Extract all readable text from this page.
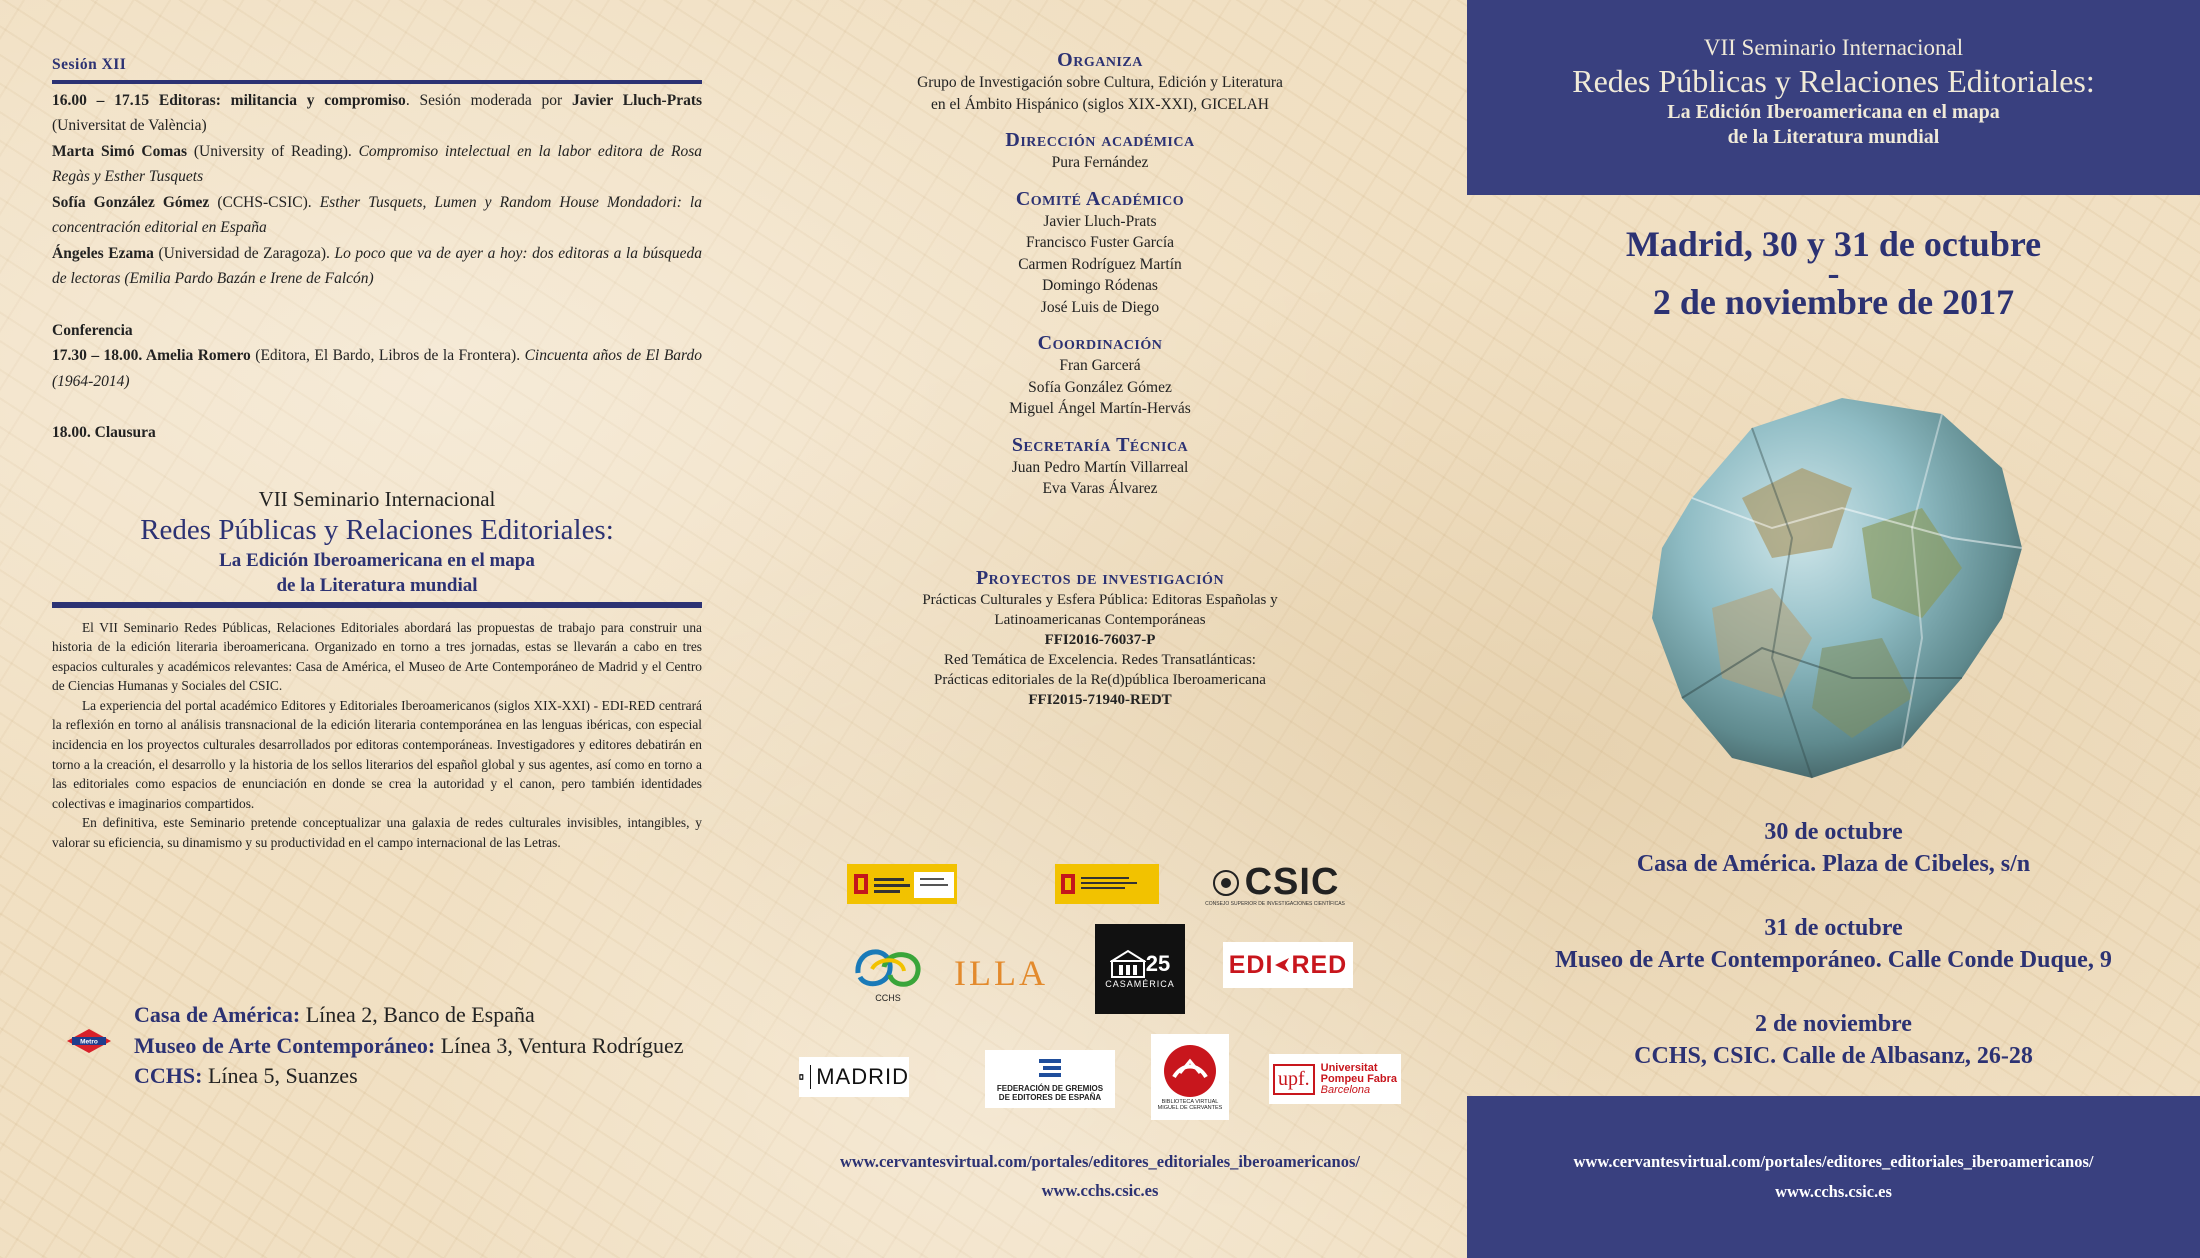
Sesión XII

16.00 – 17.15 Editoras: militancia y compromiso. Sesión moderada por Javier Lluch-Prats (Universitat de València)

Marta Simó Comas (University of Reading). Compromiso intelectual en la labor editora de Rosa Regàs y Esther Tusquets

Sofía González Gómez (CCHS-CSIC). Esther Tusquets, Lumen y Random House Mondadori: la concentración editorial en España

Ángeles Ezama (Universidad de Zaragoza). Lo poco que va de ayer a hoy: dos editoras a la búsqueda de lectoras (Emilia Pardo Bazán e Irene de Falcón)

Conferencia

17.30 – 18.00. Amelia Romero (Editora, El Bardo, Libros de la Frontera). Cincuenta años de El Bardo (1964-2014)

18.00. Clausura

VII Seminario Internacional
Redes Públicas y Relaciones Editoriales:
La Edición Iberoamericana en el mapa
de la Literatura mundial

El VII Seminario Redes Públicas, Relaciones Editoriales abordará las propuestas de trabajo para construir una historia de la edición literaria iberoamericana. Organizado en torno a tres jornadas, estas se llevarán a cabo en tres espacios culturales y académicos relevantes: Casa de América, el Museo de Arte Contemporáneo de Madrid y el Centro de Ciencias Humanas y Sociales del CSIC.

La experiencia del portal académico Editores y Editoriales Iberoamericanos (siglos XIX-XXI) - EDI-RED centrará la reflexión en torno al análisis transnacional de la edición literaria contemporánea en las lenguas ibéricas, con especial incidencia en los proyectos culturales desarrollados por editoras contemporáneas. Investigadores y editores debatirán en torno a la creación, el desarrollo y la historia de los sellos literarios del español global y sus agentes, así como en torno a las editoriales como espacios de enunciación en donde se crea la autoridad y el canon, pero también identidades colectivas e imaginarios compartidos.

En definitiva, este Seminario pretende conceptualizar una galaxia de redes culturales invisibles, intangibles, y valorar su eficiencia, su dinamismo y su productividad en el campo internacional de las Letras.

Metro
Casa de América: Línea 2, Banco de España
Museo de Arte Contemporáneo: Línea 3, Ventura Rodríguez
CCHS: Línea 5, Suanzes
Organiza
Grupo de Investigación sobre Cultura, Edición y Literatura
en el Ámbito Hispánico (siglos XIX-XXI), GICELAH
Dirección académica
Pura Fernández
Comité Académico
Javier Lluch-Prats
Francisco Fuster García
Carmen Rodríguez Martín
Domingo Ródenas
José Luis de Diego
Coordinación
Fran Garcerá
Sofía González Gómez
Miguel Ángel Martín-Hervás
Secretaría Técnica
Juan Pedro Martín Villarreal
Eva Varas Álvarez
Proyectos de investigación
Prácticas Culturales y Esfera Pública: Editoras Españolas y
Latinoamericanas Contemporáneas
FFI2016-76037-P
Red Temática de Excelencia. Redes Transatlánticas:
Prácticas editoriales de la Re(d)pública Iberoamericana
FFI2015-71940-REDT
CSIC
CONSEJO SUPERIOR DE INVESTIGACIONES CIENTÍFICAS
CCHS
ILLA	25
CASAMÉRICA
EDI RED
MADRID	FEDERACIÓN DE GREMIOS
DE EDITORES DE ESPAÑA	BIBLIOTECA VIRTUAL
MIGUEL DE CERVANTES
upf.	Universitat
Pompeu Fabra
Barcelona
www.cervantesvirtual.com/portales/editores_editoriales_iberoamericanos/
www.cchs.csic.es
VII Seminario Internacional
Redes Públicas y Relaciones Editoriales:
La Edición Iberoamericana en el mapa
de la Literatura mundial
Madrid, 30 y 31 de octubre
-
2 de noviembre de 2017
30 de octubre
Casa de América. Plaza de Cibeles, s/n
31 de octubre
Museo de Arte Contemporáneo. Calle Conde Duque, 9
2 de noviembre
CCHS, CSIC. Calle de Albasanz, 26-28
www.cervantesvirtual.com/portales/editores_editoriales_iberoamericanos/
www.cchs.csic.es
